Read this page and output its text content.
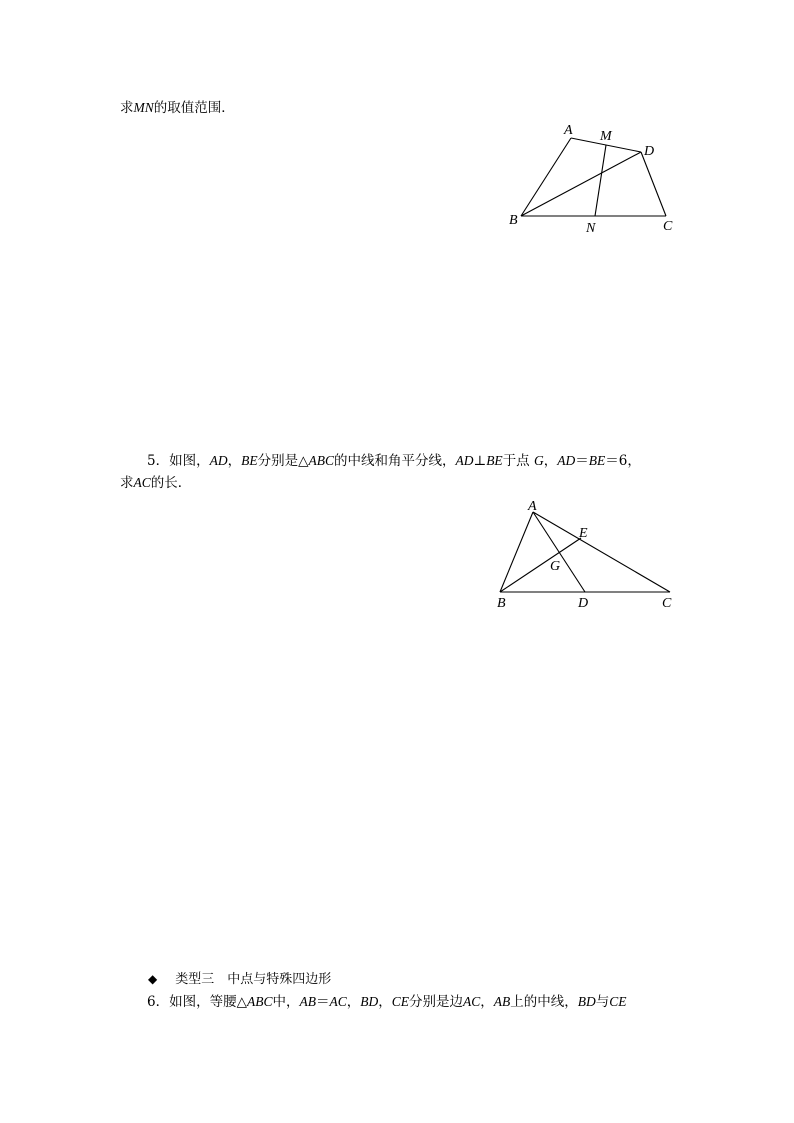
求MN的取值范围．
A M
D
B
N	C
5．如图，AD，BE分别是△ABC的中线和角平分线，AD⊥BE于点 G，AD＝BE＝6，
求AC的长．
A
E
G
B	D	C
◆ 类型三　中点与特殊四边形
6．如图，等腰△ABC中，AB＝AC，BD，CE分别是边AC，AB上的中线，BD与CE
